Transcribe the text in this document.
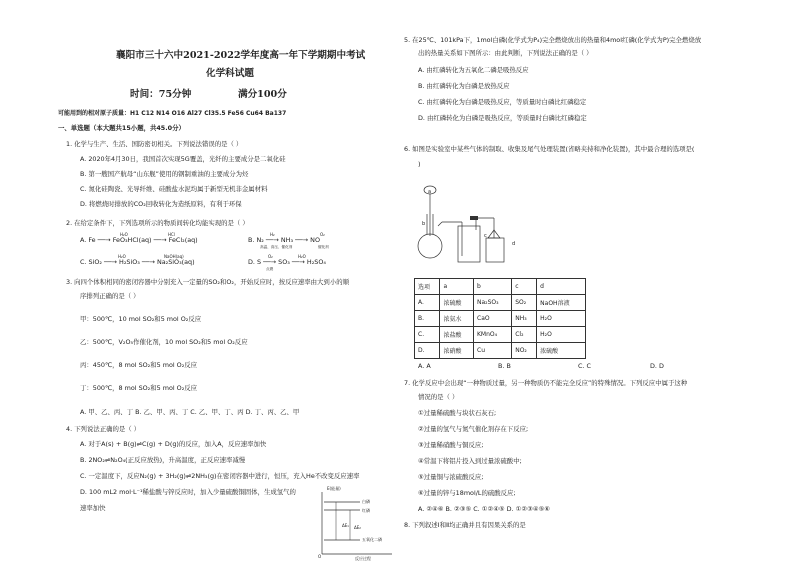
襄阳市三十六中2021-2022学年度高一年下学期期中考试
化学科试题
时间：75分钟	满分100分
可能用到的相对原子质量：H1 C12 N14 O16 Al27 Cl35.5 Fe56 Cu64 Ba137
一、单选题（本大题共15小题，共45.0分）
1. 化学与生产、生活、国防密切相关。下列说法错误的是（ ）
A. 2020年4月30日，我国首次实现5G覆盖，光纤的主要成分是二氧化硅
B. 第一艘国产航母“山东舰”使用的钢制重油的主要成分为烃
C. 氮化硅陶瓷、光导纤维、硅酸盐水泥均属于新型无机非金属材料
D. 将燃烧时排放的CO₂回收转化为造纸原料，有利于环保
2. 在给定条件下，下列选项所示的物质间转化均能实现的是（ ）
H₂O	HCl
A. Fe ──→ FeO₃HCl(aq) ──→ FeCl₂(aq)
H₂	O₂
B. N₂ ──→ NH₃ ──→ NO
高温、高压、催化剂	催化剂
H₂O	NaOH(aq)
C. SiO₂ ──→ H₂SiO₃ ──→ Na₂SiO₃(aq)
O₂	H₂O
D. S ──→ SO₃ ──→ H₂SO₄
点燃
3. 向四个体积相同的密闭容器中分别充入一定量的SO₂和O₂，开始反应时，按反应速率由大到小的顺
序排列正确的是（ ）
甲：500℃，10 mol SO₂和5 mol O₂反应
乙：500℃，V₂O₅作催化剂，10 mol SO₂和5 mol O₂反应
丙：450℃，8 mol SO₂和5 mol O₂反应
丁：500℃，8 mol SO₂和5 mol O₂反应
A. 甲、乙、丙、丁 B. 乙、甲、丙、丁 C. 乙、甲、丁、丙 D. 丁、丙、乙、甲
4. 下列说法正确的是（ ）
A. 对于A(s) + B(g)⇌C(g) + D(g)的反应，加入A，反应速率加快
B. 2NO₂⇌N₂O₄(正反应放热)，升高温度，正反应速率减慢
C. 一定温度下，反应N₂(g) + 3H₂(g)⇌2NH₃(g)在密闭容器中进行，恒压，充入He不改变反应速率
D. 100 mL2 mol·L⁻¹稀盐酸与锌反应时，加入少量硫酸铜固体，生成氢气的
速率加快
E(能量)
白磷
红磷
ΔE₁ ΔE₂
五氧化二磷
O	反应过程
5. 在25℃、101kPa下，1mol白磷(化学式为P₄)完全燃烧放出的热量和4mol红磷(化学式为P)完全燃烧放
出的热量关系如下图所示：由此判断，下列说法正确的是（ ）
A. 由红磷转化为五氧化二磷是吸热反应
B. 由红磷转化为白磷是放热反应
C. 由红磷转化为白磷是吸热反应，等质量时白磷比红磷稳定
D. 由红磷转化为白磷是吸热反应，等质量时白磷比红磷稳定
6. 如图是实验室中某些气体的制取、收集及尾气处理装置(省略夹持和净化装置)，其中最合理的选项是(
)
a
b
c
d
选项	a	b	c	d
A.	浓硫酸	Na₂SO₃	SO₂	NaOH溶液
B.	浓氨水	CaO	NH₃	H₂O
C.	浓盐酸	KMnO₄	Cl₂	H₂O
D.	浓硝酸	Cu	NO₂	浓硫酸
A. A	B. B	C. C	D. D
7. 化学反应中会出现“一种物质过量，另一种物质仍不能完全反应”的特殊情况。下列反应中属于这种
情况的是（ ）
①过量稀硫酸与块状石灰石;
②过量的氢气与氮气催化剂存在下反应;
③过量稀硝酸与铜反应;
④常温下将铝片投入到过量浓硫酸中;
⑤过量铜与浓硫酸反应;
⑥过量的锌与18mol/L的硫酸反应;
A. ②④⑥ B. ②③⑤ C. ①②④⑤ D. ①②③④⑤⑥
8. 下列叙述Ⅰ和Ⅱ均正确并且有因果关系的是
